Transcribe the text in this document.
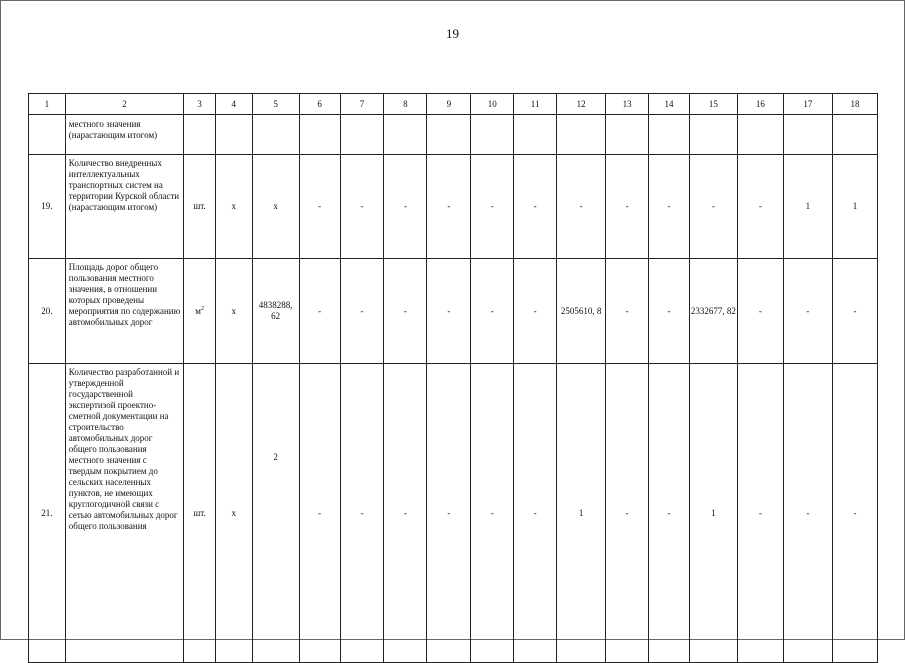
19
1	2	3	4	5	6	7	8	9	10	11	12	13	14	15	16	17	18
	местного значения (нарастающим итогом)																
19.	Количество внедренных интеллектуальных транспортных систем на территории Курской области (нарастающим итогом)	шт.	х	х	-	-	-	-	-	-	-	-	-	-	-	1	1
20.	Площадь дорог общего пользования местного значения, в отношении которых проведены мероприятия по содержанию автомобильных дорог	$м^2$	х	4838288, 62	-	-	-	-	-	-	2505610, 8	-	-	2332677, 82	-	-	-
21.	Количество разработанной и утвержденной государственной экспертизой проектно-сметной документации на строительство автомобильных дорог общего пользования местного значения с твердым покрытием до сельских населенных пунктов, не имеющих круглогодичной связи с сетью автомобильных дорог общего пользования	шт.	х	2	-	-	-	-	-	-	1	-	-	1	-	-	-
